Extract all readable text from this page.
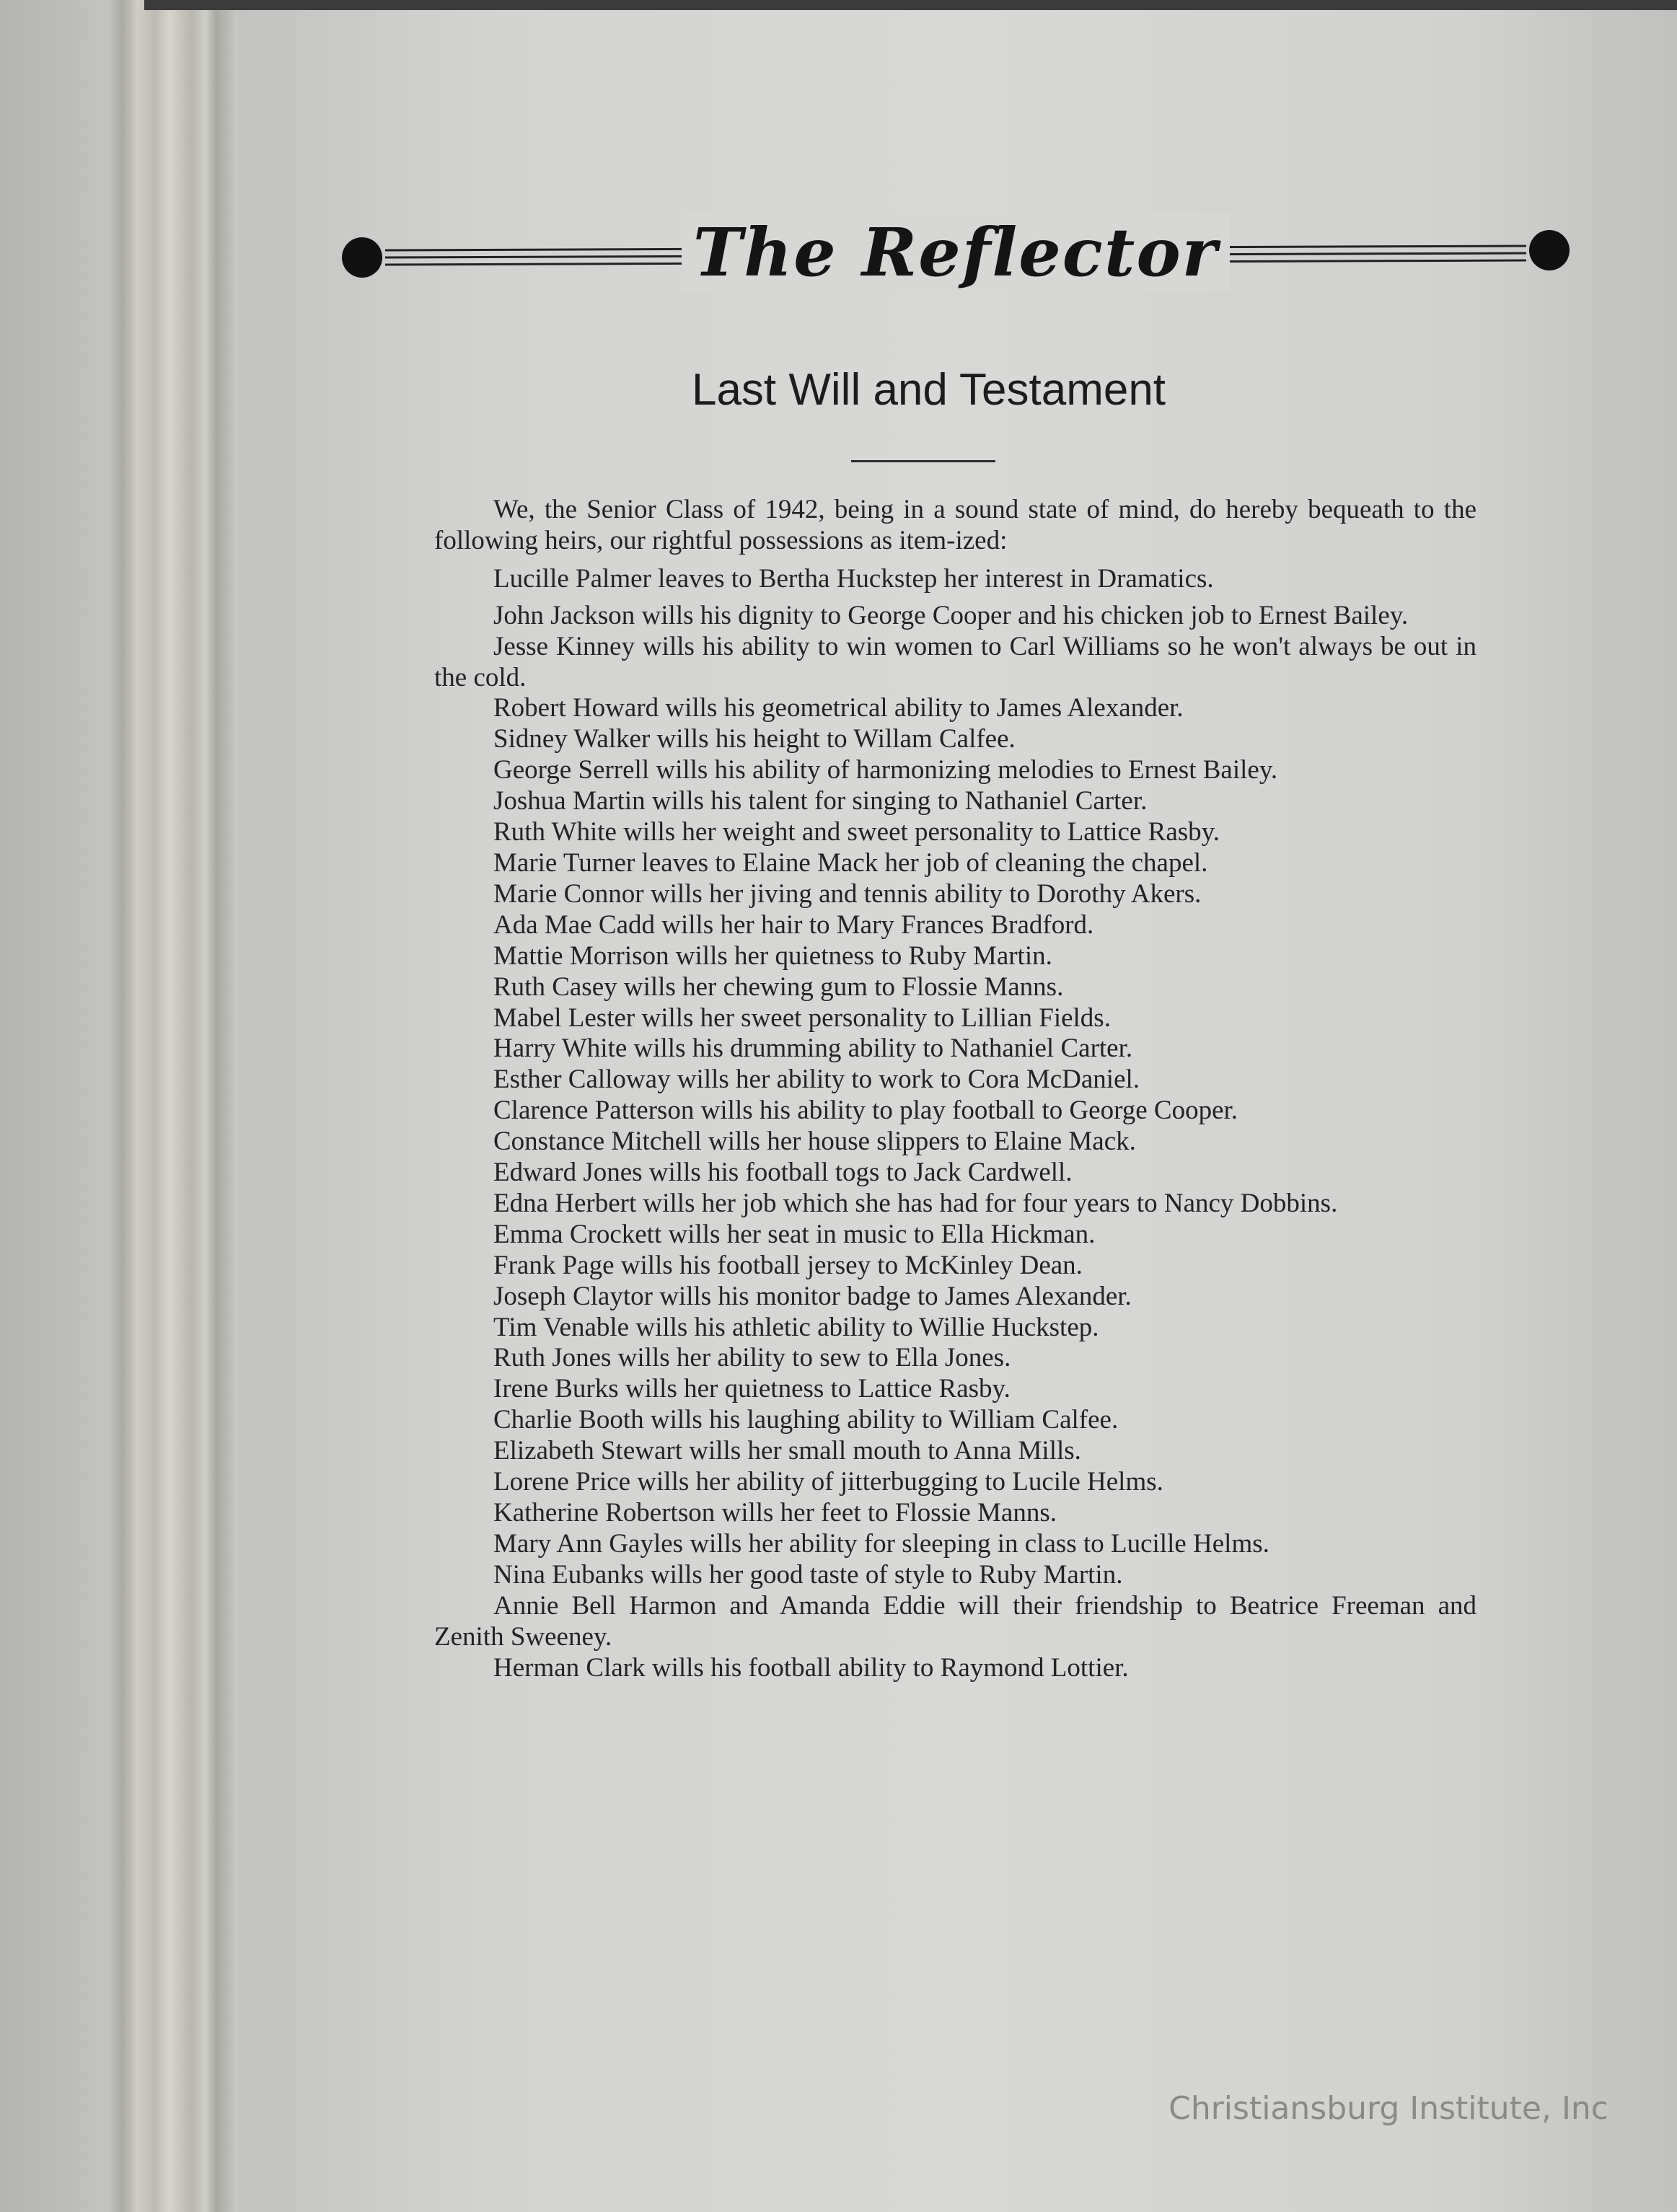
The Reflector
Last Will and Testament

We, the Senior Class of 1942, being in a sound state of mind, do hereby bequeath to the following heirs, our rightful possessions as item-ized:

Lucille Palmer leaves to Bertha Huckstep her interest in Dramatics.

John Jackson wills his dignity to George Cooper and his chicken job to Ernest Bailey.

Jesse Kinney wills his ability to win women to Carl Williams so he won't always be out in the cold.

Robert Howard wills his geometrical ability to James Alexander.

Sidney Walker wills his height to Willam Calfee.

George Serrell wills his ability of harmonizing melodies to Ernest Bailey.

Joshua Martin wills his talent for singing to Nathaniel Carter.

Ruth White wills her weight and sweet personality to Lattice Rasby.

Marie Turner leaves to Elaine Mack her job of cleaning the chapel.

Marie Connor wills her jiving and tennis ability to Dorothy Akers.

Ada Mae Cadd wills her hair to Mary Frances Bradford.

Mattie Morrison wills her quietness to Ruby Martin.

Ruth Casey wills her chewing gum to Flossie Manns.

Mabel Lester wills her sweet personality to Lillian Fields.

Harry White wills his drumming ability to Nathaniel Carter.

Esther Calloway wills her ability to work to Cora McDaniel.

Clarence Patterson wills his ability to play football to George Cooper.

Constance Mitchell wills her house slippers to Elaine Mack.

Edward Jones wills his football togs to Jack Cardwell.

Edna Herbert wills her job which she has had for four years to Nancy Dobbins.

Emma Crockett wills her seat in music to Ella Hickman.

Frank Page wills his football jersey to McKinley Dean.

Joseph Claytor wills his monitor badge to James Alexander.

Tim Venable wills his athletic ability to Willie Huckstep.

Ruth Jones wills her ability to sew to Ella Jones.

Irene Burks wills her quietness to Lattice Rasby.

Charlie Booth wills his laughing ability to William Calfee.

Elizabeth Stewart wills her small mouth to Anna Mills.

Lorene Price wills her ability of jitterbugging to Lucile Helms.

Katherine Robertson wills her feet to Flossie Manns.

Mary Ann Gayles wills her ability for sleeping in class to Lucille Helms.

Nina Eubanks wills her good taste of style to Ruby Martin.

Annie Bell Harmon and Amanda Eddie will their friendship to Beatrice Freeman and Zenith Sweeney.

Herman Clark wills his football ability to Raymond Lottier.

Christiansburg Institute, Inc
